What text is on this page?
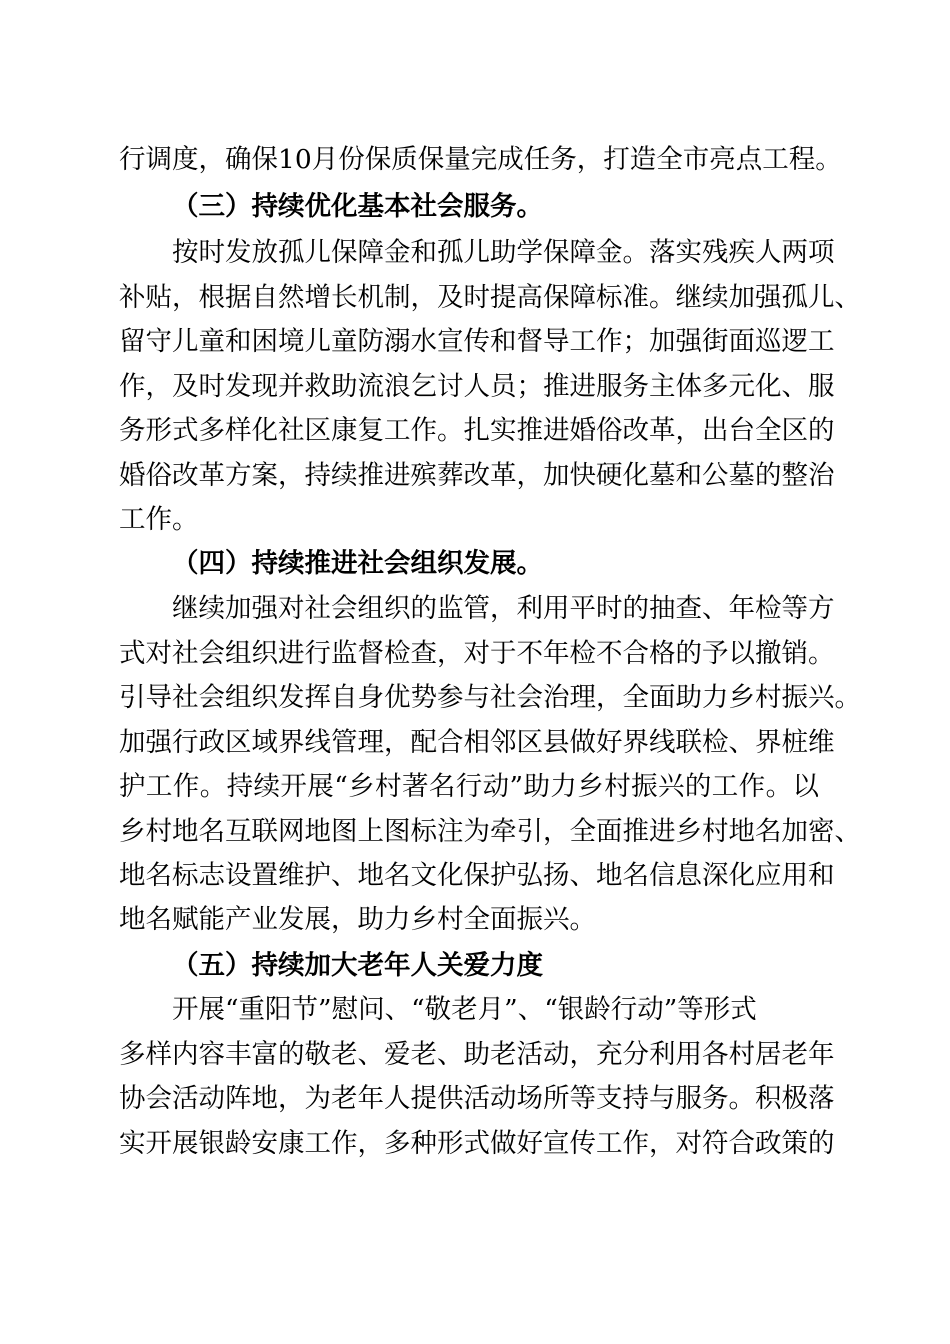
行调度，确保10月份保质保量完成任务，打造全市亮点工程。
（三）持续优化基本社会服务。
按时发放孤儿保障金和孤儿助学保障金。落实残疾人两项
补贴，根据自然增长机制，及时提高保障标准。继续加强孤儿、
留守儿童和困境儿童防溺水宣传和督导工作；加强街面巡逻工
作，及时发现并救助流浪乞讨人员；推进服务主体多元化、服
务形式多样化社区康复工作。扎实推进婚俗改革，出台全区的
婚俗改革方案，持续推进殡葬改革，加快硬化墓和公墓的整治
工作。
（四）持续推进社会组织发展。
继续加强对社会组织的监管，利用平时的抽查、年检等方
式对社会组织进行监督检查，对于不年检不合格的予以撤销。
引导社会组织发挥自身优势参与社会治理，全面助力乡村振兴。
加强行政区域界线管理，配合相邻区县做好界线联检、界桩维
护工作。持续开展“乡村著名行动”助力乡村振兴的工作。以
乡村地名互联网地图上图标注为牵引，全面推进乡村地名加密、
地名标志设置维护、地名文化保护弘扬、地名信息深化应用和
地名赋能产业发展，助力乡村全面振兴。
（五）持续加大老年人关爱力度
开展“重阳节”慰问、“敬老月”、“银龄行动”等形式
多样内容丰富的敬老、爱老、助老活动，充分利用各村居老年
协会活动阵地，为老年人提供活动场所等支持与服务。积极落
实开展银龄安康工作，多种形式做好宣传工作，对符合政策的
